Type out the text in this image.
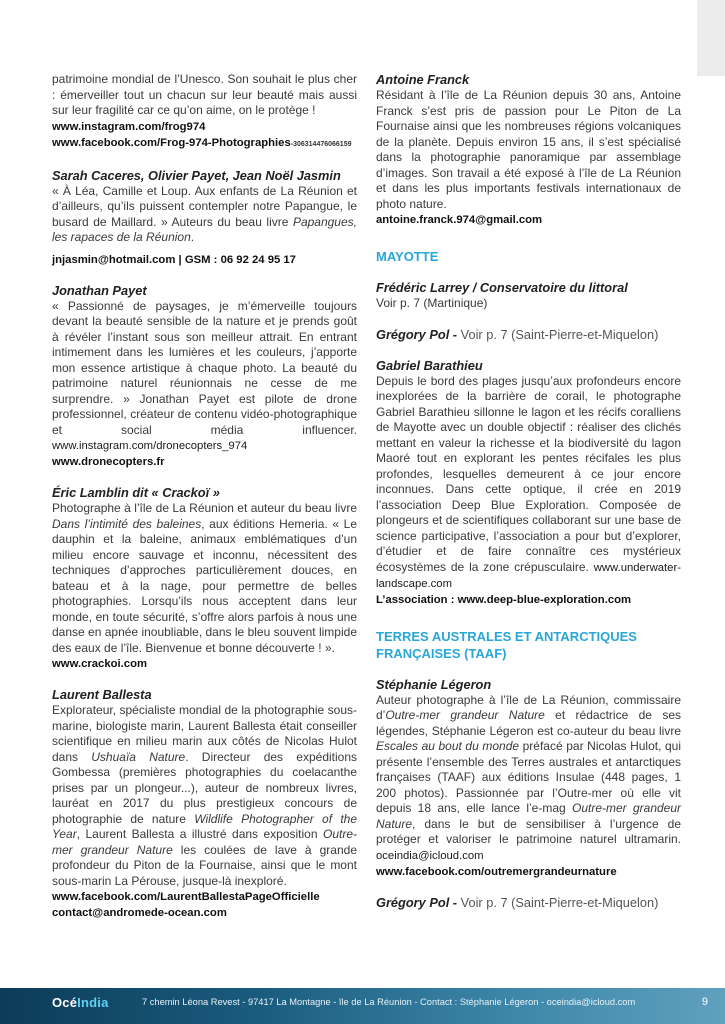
patrimoine mondial de l’Unesco. Son souhait le plus cher : émerveiller tout un chacun sur leur beauté mais aussi sur leur fragilité car ce qu’on aime, on le protège !

www.instagram.com/frog974
www.facebook.com/Frog-974-Photographies-306314476066159
Sarah Caceres, Olivier Payet, Jean Noël Jasmin

« À Léa, Camille et Loup. Aux enfants de La Réunion et d’ailleurs, qu’ils puissent contempler notre Papangue, le busard de Maillard. » Auteurs du beau livre Papangues, les rapaces de la Réunion.

jnjasmin@hotmail.com | GSM : 06 92 24 95 17
Jonathan Payet

« Passionné de paysages, je m’émerveille toujours devant la beauté sensible de la nature et je prends goût à révéler l’instant sous son meilleur attrait. En entrant intimement dans les lumières et les couleurs, j’apporte mon essence artistique à chaque photo. La beauté du patrimoine naturel réunionnais ne cesse de me surprendre. » Jonathan Payet est pilote de drone professionnel, créateur de contenu vidéo-photographique et social média influencer. www.instagram.com/dronecopters_974

www.dronecopters.fr
Éric Lamblin dit « Crackoï »

Photographe à l’île de La Réunion et auteur du beau livre Dans l’intimité des baleines, aux éditions Hemeria. « Le dauphin et la baleine, animaux emblématiques d’un milieu encore sauvage et inconnu, nécessitent des techniques d’approches particulièrement douces, en bateau et à la nage, pour permettre de belles photographies. Lorsqu’ils nous acceptent dans leur monde, en toute sécurité, s’offre alors parfois à nous une danse en apnée inoubliable, dans le bleu souvent limpide des eaux de l’île. Bienvenue et bonne découverte ! ».

www.crackoi.com
Laurent Ballesta

Explorateur, spécialiste mondial de la photographie sous-marine, biologiste marin, Laurent Ballesta était conseiller scientifique en milieu marin aux côtés de Nicolas Hulot dans Ushuaïa Nature. Directeur des expéditions Gombessa (premières photographies du coelacanthe prises par un plongeur...), auteur de nombreux livres, lauréat en 2017 du plus prestigieux concours de photographie de nature Wildlife Photographer of the Year, Laurent Ballesta a illustré dans exposition Outre-mer grandeur Nature les coulées de lave à grande profondeur du Piton de la Fournaise, ainsi que le mont sous-marin La Pérouse, jusque-là inexploré.

www.facebook.com/LaurentBallestaPageOfficielle
contact@andromede-ocean.com
Antoine Franck

Résidant à l’île de La Réunion depuis 30 ans, Antoine Franck s’est pris de passion pour Le Piton de La Fournaise ainsi que les nombreuses régions volcaniques de la planète. Depuis environ 15 ans, il s’est spécialisé dans la photographie panoramique par assemblage d’images. Son travail a été exposé à l’île de La Réunion et dans les plus importants festivals internationaux de photo nature.

antoine.franck.974@gmail.com
MAYOTTE
Frédéric Larrey / Conservatoire du littoral

Voir p. 7 (Martinique)

Grégory Pol - Voir p. 7 (Saint-Pierre-et-Miquelon)
Gabriel Barathieu

Depuis le bord des plages jusqu’aux profondeurs encore inexplorées de la barrière de corail, le photographe Gabriel Barathieu sillonne le lagon et les récifs coralliens de Mayotte avec un double objectif : réaliser des clichés mettant en valeur la richesse et la biodiversité du lagon Maoré tout en explorant les pentes récifales les plus profondes, lesquelles demeurent à ce jour encore inconnues. Dans cette optique, il crée en 2019 l’association Deep Blue Exploration. Composée de plongeurs et de scientifiques collaborant sur une base de science participative, l’association a pour but d’explorer, d’étudier et de faire connaître ces mystérieux écosystèmes de la zone crépusculaire. www.underwater-landscape.com

L’association : www.deep-blue-exploration.com
TERRES AUSTRALES ET ANTARCTIQUES FRANÇAISES (TAAF)
Stéphanie Légeron

Auteur photographe à l’île de La Réunion, commissaire d’Outre-mer grandeur Nature et rédactrice de ses légendes, Stéphanie Légeron est co-auteur du beau livre Escales au bout du monde préfacé par Nicolas Hulot, qui présente l’ensemble des Terres australes et antarctiques françaises (TAAF) aux éditions Insulae (448 pages, 1 200 photos). Passionnée par l’Outre-mer où elle vit depuis 18 ans, elle lance l’e-mag Outre-mer grandeur Nature, dans le but de sensibiliser à l’urgence de protéger et valoriser le patrimoine naturel ultramarin. oceindia@icloud.com

www.facebook.com/outremergrandeurnature
Grégory Pol - Voir p. 7 (Saint-Pierre-et-Miquelon)
OcéIndia	7 chemin Léona Revest - 97417 La Montagne - île de La Réunion - Contact : Stéphanie Légeron - oceindia@icloud.com	9
